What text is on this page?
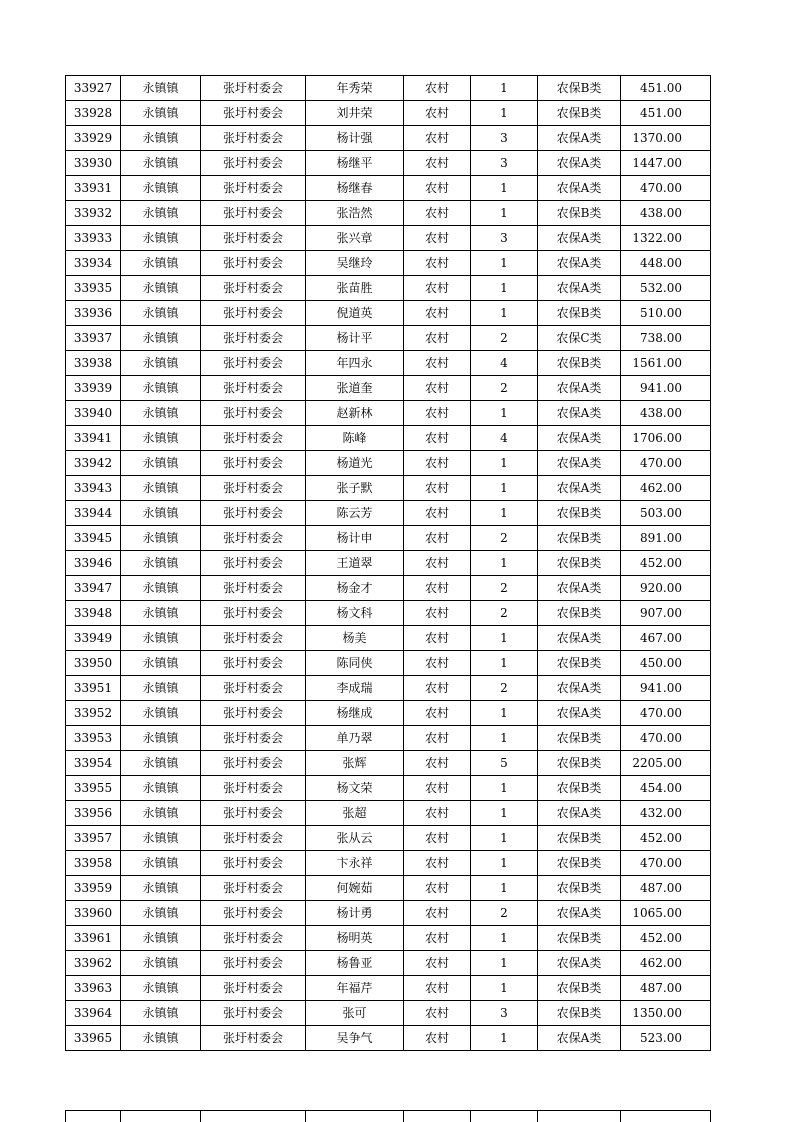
33927	永镇镇	张圩村委会	年秀荣	农村	1	农保B类	451.00
33928	永镇镇	张圩村委会	刘井荣	农村	1	农保B类	451.00
33929	永镇镇	张圩村委会	杨计强	农村	3	农保A类	1370.00
33930	永镇镇	张圩村委会	杨继平	农村	3	农保A类	1447.00
33931	永镇镇	张圩村委会	杨继春	农村	1	农保A类	470.00
33932	永镇镇	张圩村委会	张浩然	农村	1	农保B类	438.00
33933	永镇镇	张圩村委会	张兴章	农村	3	农保A类	1322.00
33934	永镇镇	张圩村委会	吴继玲	农村	1	农保A类	448.00
33935	永镇镇	张圩村委会	张苗胜	农村	1	农保A类	532.00
33936	永镇镇	张圩村委会	倪道英	农村	1	农保B类	510.00
33937	永镇镇	张圩村委会	杨计平	农村	2	农保C类	738.00
33938	永镇镇	张圩村委会	年四永	农村	4	农保B类	1561.00
33939	永镇镇	张圩村委会	张道奎	农村	2	农保A类	941.00
33940	永镇镇	张圩村委会	赵新林	农村	1	农保A类	438.00
33941	永镇镇	张圩村委会	陈峰	农村	4	农保A类	1706.00
33942	永镇镇	张圩村委会	杨道光	农村	1	农保A类	470.00
33943	永镇镇	张圩村委会	张子默	农村	1	农保A类	462.00
33944	永镇镇	张圩村委会	陈云芳	农村	1	农保B类	503.00
33945	永镇镇	张圩村委会	杨计申	农村	2	农保B类	891.00
33946	永镇镇	张圩村委会	王道翠	农村	1	农保B类	452.00
33947	永镇镇	张圩村委会	杨金才	农村	2	农保A类	920.00
33948	永镇镇	张圩村委会	杨文科	农村	2	农保B类	907.00
33949	永镇镇	张圩村委会	杨美	农村	1	农保A类	467.00
33950	永镇镇	张圩村委会	陈同侠	农村	1	农保B类	450.00
33951	永镇镇	张圩村委会	李成瑞	农村	2	农保A类	941.00
33952	永镇镇	张圩村委会	杨继成	农村	1	农保A类	470.00
33953	永镇镇	张圩村委会	单乃翠	农村	1	农保B类	470.00
33954	永镇镇	张圩村委会	张辉	农村	5	农保B类	2205.00
33955	永镇镇	张圩村委会	杨文荣	农村	1	农保B类	454.00
33956	永镇镇	张圩村委会	张超	农村	1	农保A类	432.00
33957	永镇镇	张圩村委会	张从云	农村	1	农保B类	452.00
33958	永镇镇	张圩村委会	卞永祥	农村	1	农保B类	470.00
33959	永镇镇	张圩村委会	何婉茹	农村	1	农保B类	487.00
33960	永镇镇	张圩村委会	杨计勇	农村	2	农保A类	1065.00
33961	永镇镇	张圩村委会	杨明英	农村	1	农保B类	452.00
33962	永镇镇	张圩村委会	杨鲁亚	农村	1	农保A类	462.00
33963	永镇镇	张圩村委会	年福芹	农村	1	农保B类	487.00
33964	永镇镇	张圩村委会	张可	农村	3	农保B类	1350.00
33965	永镇镇	张圩村委会	吴争气	农村	1	农保A类	523.00
